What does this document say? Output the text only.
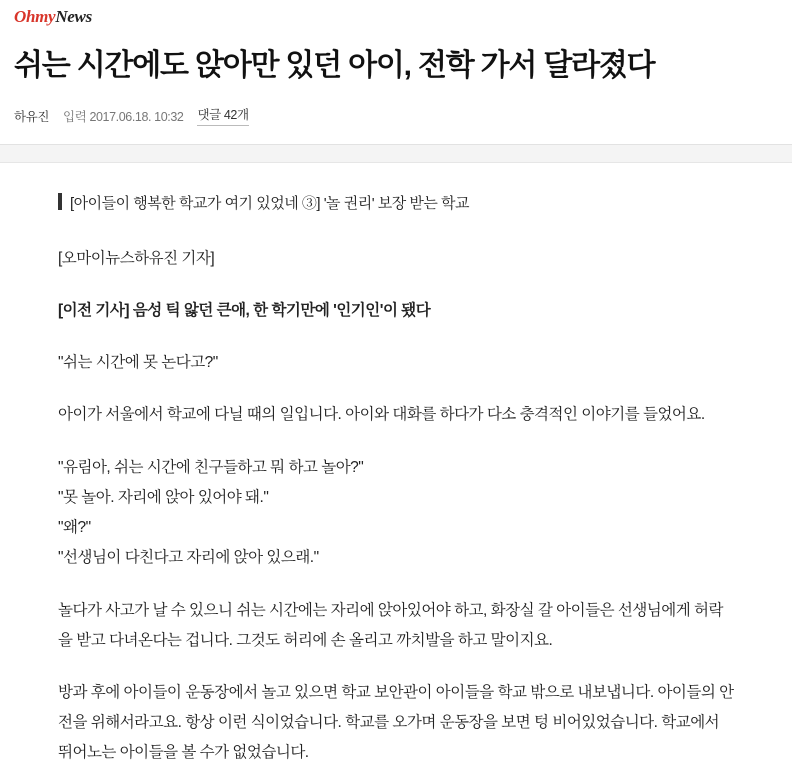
OhmyNews
쉬는 시간에도 앉아만 있던 아이, 전학 가서 달라졌다
하유진 입력 2017.06.18. 10:32 댓글 42개
[아이들이 행복한 학교가 여기 있었네 ③] '놀 권리' 보장 받는 학교

[오마이뉴스하유진 기자]

[이전 기사] 음성 틱 앓던 큰애, 한 학기만에 '인기인'이 됐다

"쉬는 시간에 못 논다고?"

아이가 서울에서 학교에 다닐 때의 일입니다. 아이와 대화를 하다가 다소 충격적인 이야기를 들었어요.

"유림아, 쉬는 시간에 친구들하고 뭐 하고 놀아?"
"못 놀아. 자리에 앉아 있어야 돼."
"왜?"
"선생님이 다친다고 자리에 앉아 있으래."

놀다가 사고가 날 수 있으니 쉬는 시간에는 자리에 앉아있어야 하고, 화장실 갈 아이들은 선생님에게 허락을 받고 다녀온다는 겁니다. 그것도 허리에 손 올리고 까치발을 하고 말이지요.

방과 후에 아이들이 운동장에서 놀고 있으면 학교 보안관이 아이들을 학교 밖으로 내보냅니다. 아이들의 안전을 위해서라고요. 항상 이런 식이었습니다. 학교를 오가며 운동장을 보면 텅 비어있었습니다. 학교에서 뛰어노는 아이들을 볼 수가 없었습니다.
